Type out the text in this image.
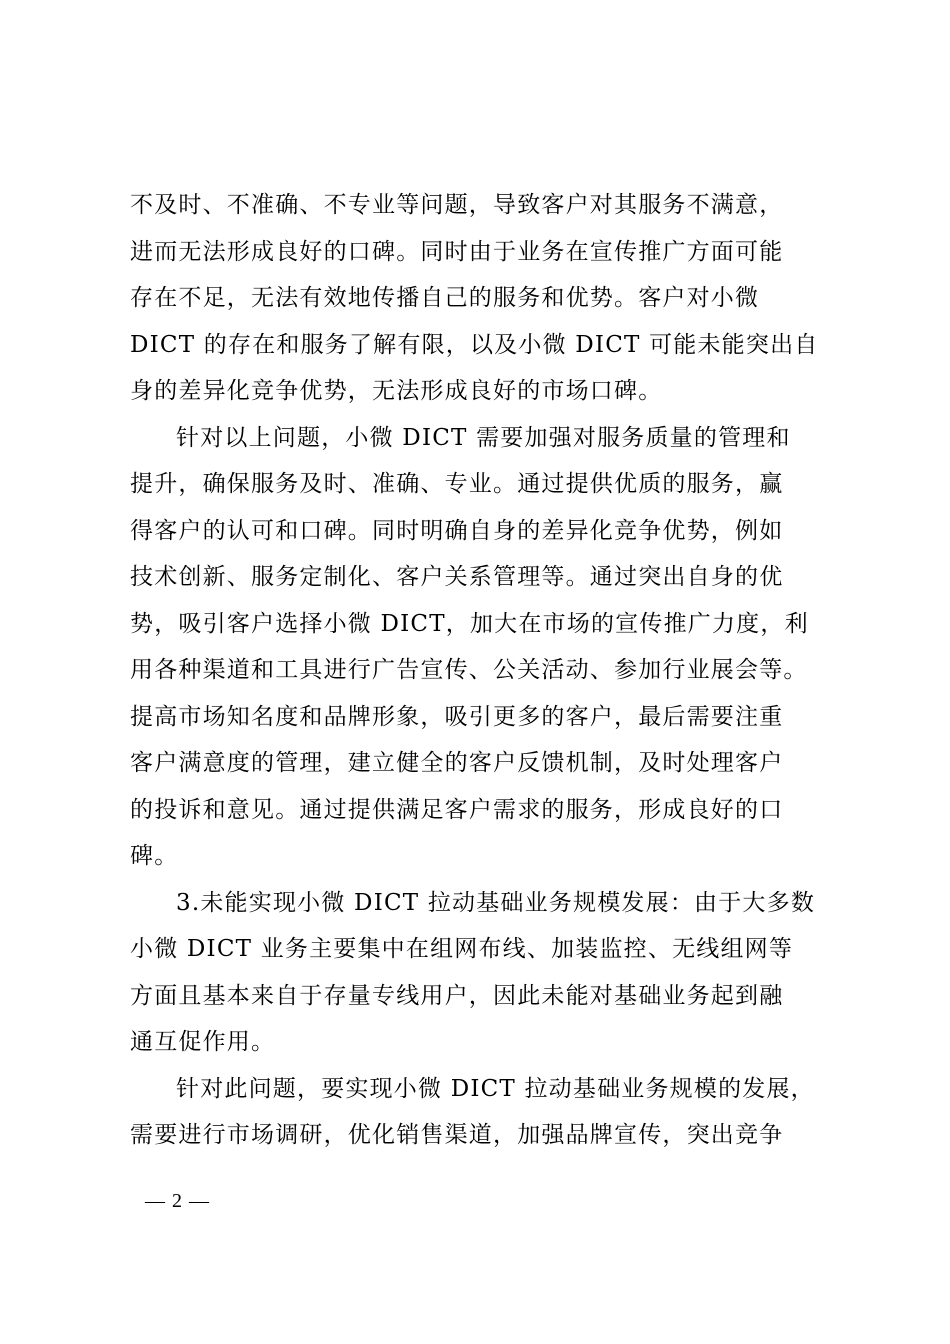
不及时、不准确、不专业等问题，导致客户对其服务不满意，
进而无法形成良好的口碑。同时由于业务在宣传推广方面可能
存在不足，无法有效地传播自己的服务和优势。客户对小微
DICT 的存在和服务了解有限，以及小微 DICT 可能未能突出自
身的差异化竞争优势，无法形成良好的市场口碑。

针对以上问题，小微 DICT 需要加强对服务质量的管理和
提升，确保服务及时、准确、专业。通过提供优质的服务，赢
得客户的认可和口碑。同时明确自身的差异化竞争优势，例如
技术创新、服务定制化、客户关系管理等。通过突出自身的优
势，吸引客户选择小微 DICT，加大在市场的宣传推广力度，利
用各种渠道和工具进行广告宣传、公关活动、参加行业展会等。
提高市场知名度和品牌形象，吸引更多的客户，最后需要注重
客户满意度的管理，建立健全的客户反馈机制，及时处理客户
的投诉和意见。通过提供满足客户需求的服务，形成良好的口
碑。

3.未能实现小微 DICT 拉动基础业务规模发展：由于大多数
小微 DICT 业务主要集中在组网布线、加装监控、无线组网等
方面且基本来自于存量专线用户，因此未能对基础业务起到融
通互促作用。

针对此问题，要实现小微 DICT 拉动基础业务规模的发展，
需要进行市场调研，优化销售渠道，加强品牌宣传，突出竞争

— 2 —
